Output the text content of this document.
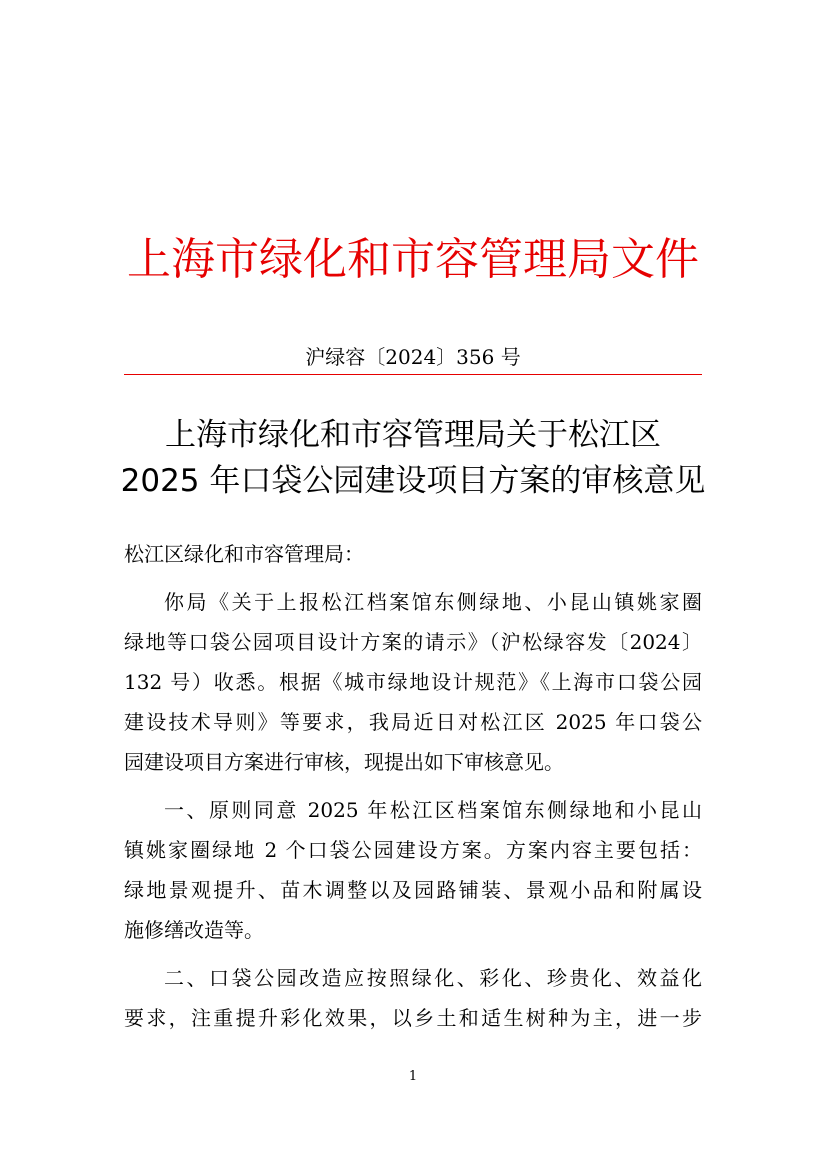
上海市绿化和市容管理局文件
沪绿容〔2024〕356 号
上海市绿化和市容管理局关于松江区
2025 年口袋公园建设项目方案的审核意见
松江区绿化和市容管理局：
你局《关于上报松江档案馆东侧绿地、小昆山镇姚家圈
绿地等口袋公园项目设计方案的请示》（沪松绿容发〔2024〕
132 号）收悉。根据《城市绿地设计规范》《上海市口袋公园
建设技术导则》等要求，我局近日对松江区 2025 年口袋公
园建设项目方案进行审核，现提出如下审核意见。
一、原则同意 2025 年松江区档案馆东侧绿地和小昆山
镇姚家圈绿地 2 个口袋公园建设方案。方案内容主要包括：
绿地景观提升、苗木调整以及园路铺装、景观小品和附属设
施修缮改造等。
二、口袋公园改造应按照绿化、彩化、珍贵化、效益化
要求，注重提升彩化效果，以乡土和适生树种为主，进一步
1
